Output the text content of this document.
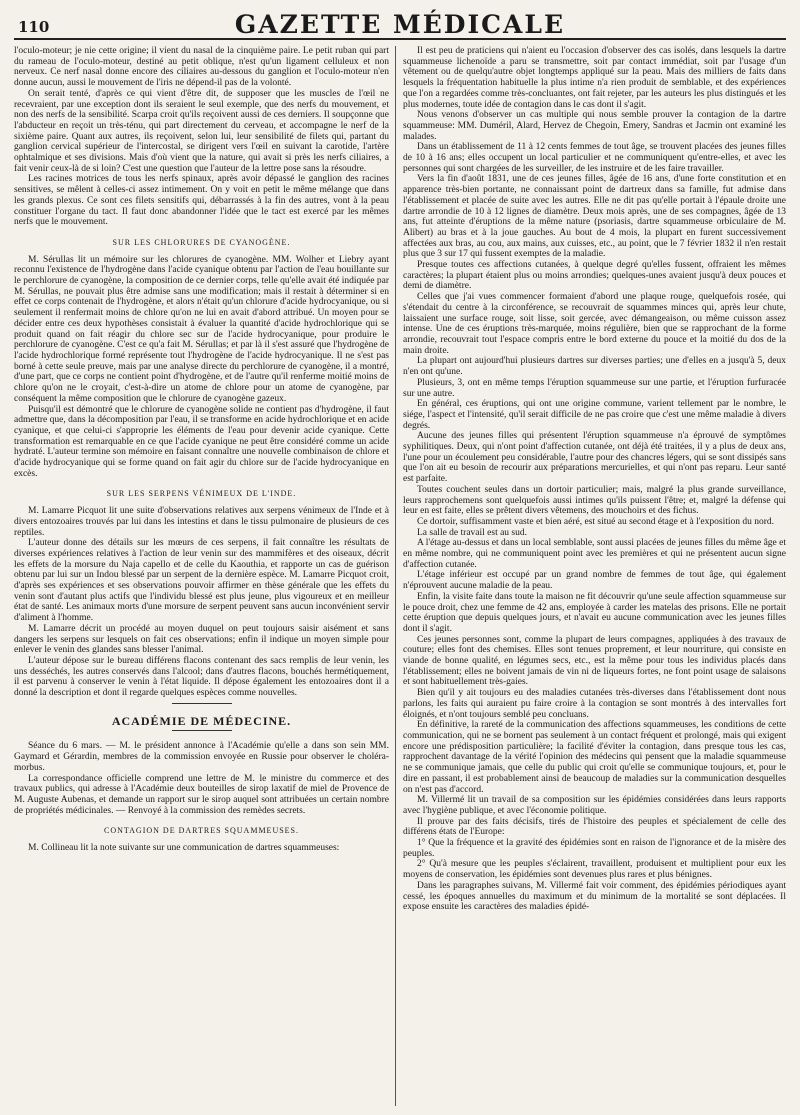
110	GAZETTE MÉDICALE

l'oculo-moteur; je nie cette origine; il vient du nasal de la cinquième paire. Le petit ruban qui part du rameau de l'oculo-moteur, destiné au petit oblique, n'est qu'un ligament celluleux et non nerveux. Ce nerf nasal donne encore des ciliaires au-dessous du ganglion et l'oculo-moteur n'en donne aucun, aussi le mouvement de l'iris ne dépend-il pas de la volonté.

On serait tenté, d'après ce qui vient d'être dit, de supposer que les muscles de l'œil ne recevraient, par une exception dont ils seraient le seul exemple, que des nerfs du mouvement, et non des nerfs de la sensibilité. Scarpa croit qu'ils reçoivent aussi de ces derniers. Il soupçonne que l'abducteur en reçoit un très-ténu, qui part directement du cerveau, et accompagne le nerf de la sixième paire. Quant aux autres, ils reçoivent, selon lui, leur sensibilité de filets qui, partant du ganglion cervical supérieur de l'intercostal, se dirigent vers l'œil en suivant la carotide, l'artère ophtalmique et ses divisions. Mais d'où vient que la nature, qui avait si près les nerfs ciliaires, a fait venir ceux-là de si loin? C'est une question que l'auteur de la lettre pose sans la résoudre.

Les racines motrices de tous les nerfs spinaux, après avoir dépassé le ganglion des racines sensitives, se mêlent à celles-ci assez intimement. On y voit en petit le même mélange que dans les grands plexus. Ce sont ces filets sensitifs qui, débarrassés à la fin des autres, vont à la peau constituer l'organe du tact. Il faut donc abandonner l'idée que le tact est exercé par les mêmes nerfs que le mouvement.

SUR LES CHLORURES DE CYANOGÈNE.

M. Sérullas lit un mémoire sur les chlorures de cyanogène. MM. Wolher et Liebry ayant reconnu l'existence de l'hydrogène dans l'acide cyanique obtenu par l'action de l'eau bouillante sur le perchlorure de cyanogène, la composition de ce dernier corps, telle qu'elle avait été indiquée par M. Sérullas, ne pouvait plus être admise sans une modification; mais il restait à déterminer si en effet ce corps contenait de l'hydrogène, et alors n'était qu'un chlorure d'acide hydrocyanique, ou si seulement il renfermait moins de chlore qu'on ne lui en avait d'abord attribué. Un moyen pour se décider entre ces deux hypothèses consistait à évaluer la quantité d'acide hydrochlorique qui se produit quand on fait réagir du chlore sec sur de l'acide hydrocyanique, pour produire le perchlorure de cyanogène. C'est ce qu'a fait M. Sérullas; et par là il s'est assuré que l'hydrogène de l'acide hydrochlorique formé représente tout l'hydrogène de l'acide hydrocyanique. Il ne s'est pas borné à cette seule preuve, mais par une analyse directe du perchlorure de cyanogène, il a montré, d'une part, que ce corps ne contient point d'hydrogène, et de l'autre qu'il renferme moitié moins de chlore qu'on ne le croyait, c'est-à-dire un atome de chlore pour un atome de cyanogène, par conséquent la même composition que le chlorure de cyanogène gazeux.

Puisqu'il est démontré que le chlorure de cyanogène solide ne contient pas d'hydrogène, il faut admettre que, dans la décomposition par l'eau, il se transforme en acide hydrochlorique et en acide cyanique, et que celui-ci s'approprie les éléments de l'eau pour devenir acide cyanique. Cette transformation est remarquable en ce que l'acide cyanique ne peut être considéré comme un acide hydraté. L'auteur termine son mémoire en faisant connaître une nouvelle combinaison de chlore et d'acide hydrocyanique qui se forme quand on fait agir du chlore sur de l'acide hydrocyanique en excès.

SUR LES SERPENS VÉNIMEUX DE L'INDE.

M. Lamarre Picquot lit une suite d'observations relatives aux serpens vénimeux de l'Inde et à divers entozoaires trouvés par lui dans les intestins et dans le tissu pulmonaire de plusieurs de ces reptiles.

L'auteur donne des détails sur les mœurs de ces serpens, il fait connaître les résultats de diverses expériences relatives à l'action de leur venin sur des mammifères et des oiseaux, décrit les effets de la morsure du Naja capello et de celle du Kaouthia, et rapporte un cas de guérison obtenu par lui sur un Indou blessé par un serpent de la dernière espèce. M. Lamarre Picquot croit, d'après ses expériences et ses observations pouvoir affirmer en thèse générale que les effets du venin sont d'autant plus actifs que l'individu blessé est plus jeune, plus vigoureux et en meilleur état de santé. Les animaux morts d'une morsure de serpent peuvent sans aucun inconvénient servir d'aliment à l'homme.

M. Lamarre décrit un procédé au moyen duquel on peut toujours saisir aisément et sans dangers les serpens sur lesquels on fait ces observations; enfin il indique un moyen simple pour enlever le venin des glandes sans blesser l'animal.

L'auteur dépose sur le bureau différens flacons contenant des sacs remplis de leur venin, les uns desséchés, les autres conservés dans l'alcool; dans d'autres flacons, bouchés hermétiquement, il est parvenu à conserver le venin à l'état liquide. Il dépose également les entozoaires dont il a donné la description et dont il regarde quelques espèces comme nouvelles.

ACADÉMIE DE MÉDECINE.

Séance du 6 mars. — M. le président annonce à l'Académie qu'elle a dans son sein MM. Gaymard et Gérardin, membres de la commission envoyée en Russie pour observer le choléra-morbus.

La correspondance officielle comprend une lettre de M. le ministre du commerce et des travaux publics, qui adresse à l'Académie deux bouteilles de sirop laxatif de miel de Provence de M. Auguste Aubenas, et demande un rapport sur le sirop auquel sont attribuées un certain nombre de propriétés médicinales. — Renvoyé à la commission des remèdes secrets.

CONTAGION DE DARTRES SQUAMMEUSES.

M. Collineau lit la note suivante sur une communication de dartres squammeuses:

Il est peu de praticiens qui n'aient eu l'occasion d'observer des cas isolés, dans lesquels la dartre squammeuse lichenoïde a paru se transmettre, soit par contact immédiat, soit par l'usage d'un vêtement ou de quelqu'autre objet longtemps appliqué sur la peau. Mais des milliers de faits dans lesquels la fréquentation habituelle la plus intime n'a rien produit de semblable, et des expériences que l'on a regardées comme très-concluantes, ont fait rejeter, par les auteurs les plus distingués et les plus modernes, toute idée de contagion dans le cas dont il s'agit.

Nous venons d'observer un cas multiple qui nous semble prouver la contagion de la dartre squammeuse: MM. Duméril, Alard, Hervez de Chegoin, Emery, Sandras et Jacmin ont examiné les malades.

Dans un établissement de 11 à 12 cents femmes de tout âge, se trouvent placées des jeunes filles de 10 à 16 ans; elles occupent un local particulier et ne communiquent qu'entre-elles, et avec les personnes qui sont chargées de les surveiller, de les instruire et de les faire travailler.

Vers la fin d'août 1831, une de ces jeunes filles, âgée de 16 ans, d'une forte constitution et en apparence très-bien portante, ne connaissant point de dartreux dans sa famille, fut admise dans l'établissement et placée de suite avec les autres. Elle ne dit pas qu'elle portait à l'épaule droite une dartre arrondie de 10 à 12 lignes de diamètre. Deux mois après, une de ses compagnes, âgée de 13 ans, fut atteinte d'éruptions de la même nature (psoriasis, dartre squammeuse orbiculaire de M. Alibert) au bras et à la joue gauches. Au bout de 4 mois, la plupart en furent successivement affectées aux bras, au cou, aux mains, aux cuisses, etc., au point, que le 7 février 1832 il n'en restait plus que 3 sur 17 qui fussent exemptes de la maladie.

Presque toutes ces affections cutanées, à quelque degré qu'elles fussent, offraient les mêmes caractères; la plupart étaient plus ou moins arrondies; quelques-unes avaient jusqu'à deux pouces et demi de diamètre.

Celles que j'ai vues commencer formaient d'abord une plaque rouge, quelquefois rosée, qui s'étendait du centre à la circonférence, se recouvrait de squammes minces qui, après leur chute, laissaient une surface rouge, soit lisse, soit gercée, avec démangeaison, ou même cuisson assez intense. Une de ces éruptions très-marquée, moins régulière, bien que se rapprochant de la forme arrondie, recouvrait tout l'espace compris entre le bord externe du pouce et la moitié du dos de la main droite.

La plupart ont aujourd'hui plusieurs dartres sur diverses parties; une d'elles en a jusqu'à 5, deux n'en ont qu'une.

Plusieurs, 3, ont en même temps l'éruption squammeuse sur une partie, et l'éruption furfuracée sur une autre.

En général, ces éruptions, qui ont une origine commune, varient tellement par le nombre, le siége, l'aspect et l'intensité, qu'il serait difficile de ne pas croire que c'est une même maladie à divers degrés.

Aucune des jeunes filles qui présentent l'éruption squammeuse n'a éprouvé de symptômes syphilitiques. Deux, qui n'ont point d'affection cutanée, ont déjà été traitées, il y a plus de deux ans, l'une pour un écoulement peu considérable, l'autre pour des chancres légers, qui se sont dissipés sans que l'on ait eu besoin de recourir aux préparations mercurielles, et qui n'ont pas reparu. Leur santé est parfaite.

Toutes couchent seules dans un dortoir particulier; mais, malgré la plus grande surveillance, leurs rapprochemens sont quelquefois aussi intimes qu'ils puissent l'être; et, malgré la défense qui leur en est faite, elles se prêtent divers vêtemens, des mouchoirs et des fichus.

Ce dortoir, suffisamment vaste et bien aéré, est situé au second étage et à l'exposition du nord.

La salle de travail est au sud.

A l'étage au-dessus et dans un local semblable, sont aussi placées de jeunes filles du même âge et en même nombre, qui ne communiquent point avec les premières et qui ne présentent aucun signe d'affection cutanée.

L'étage inférieur est occupé par un grand nombre de femmes de tout âge, qui également n'éprouvent aucune maladie de la peau.

Enfin, la visite faite dans toute la maison ne fit découvrir qu'une seule affection squammeuse sur le pouce droit, chez une femme de 42 ans, employée à carder les matelas des prisons. Elle ne portait cette éruption que depuis quelques jours, et n'avait eu aucune communication avec les jeunes filles dont il s'agit.

Ces jeunes personnes sont, comme la plupart de leurs compagnes, appliquées à des travaux de couture; elles font des chemises. Elles sont tenues proprement, et leur nourriture, qui consiste en viande de bonne qualité, en légumes secs, etc., est la même pour tous les individus placés dans l'établissement; elles ne boivent jamais de vin ni de liqueurs fortes, ne font point usage de salaisons et sont habituellement très-gaies.

Bien qu'il y ait toujours eu des maladies cutanées très-diverses dans l'établissement dont nous parlons, les faits qui auraient pu faire croire à la contagion se sont montrés à des intervalles fort éloignés, et n'ont toujours semblé peu concluans.

En définitive, la rareté de la communication des affections squammeuses, les conditions de cette communication, qui ne se bornent pas seulement à un contact fréquent et prolongé, mais qui exigent encore une prédisposition particulière; la facilité d'éviter la contagion, dans presque tous les cas, rapprochent davantage de la vérité l'opinion des médecins qui pensent que la maladie squammeuse ne se communique jamais, que celle du public qui croit qu'elle se communique toujours, et, pour le dire en passant, il est probablement ainsi de beaucoup de maladies sur la communication desquelles on n'est pas d'accord.

M. Villermé lit un travail de sa composition sur les épidémies considérées dans leurs rapports avec l'hygiène publique, et avec l'économie politique.

Il prouve par des faits décisifs, tirés de l'histoire des peuples et spécialement de celle des différens états de l'Europe:

1° Que la fréquence et la gravité des épidémies sont en raison de l'ignorance et de la misère des peuples.

2° Qu'à mesure que les peuples s'éclairent, travaillent, produisent et multiplient pour eux les moyens de conservation, les épidémies sont devenues plus rares et plus bénignes.

Dans les paragraphes suivans, M. Villermé fait voir comment, des épidémies périodiques ayant cessé, les époques annuelles du maximum et du minimum de la mortalité se sont déplacées. Il expose ensuite les caractères des maladies épidé-
